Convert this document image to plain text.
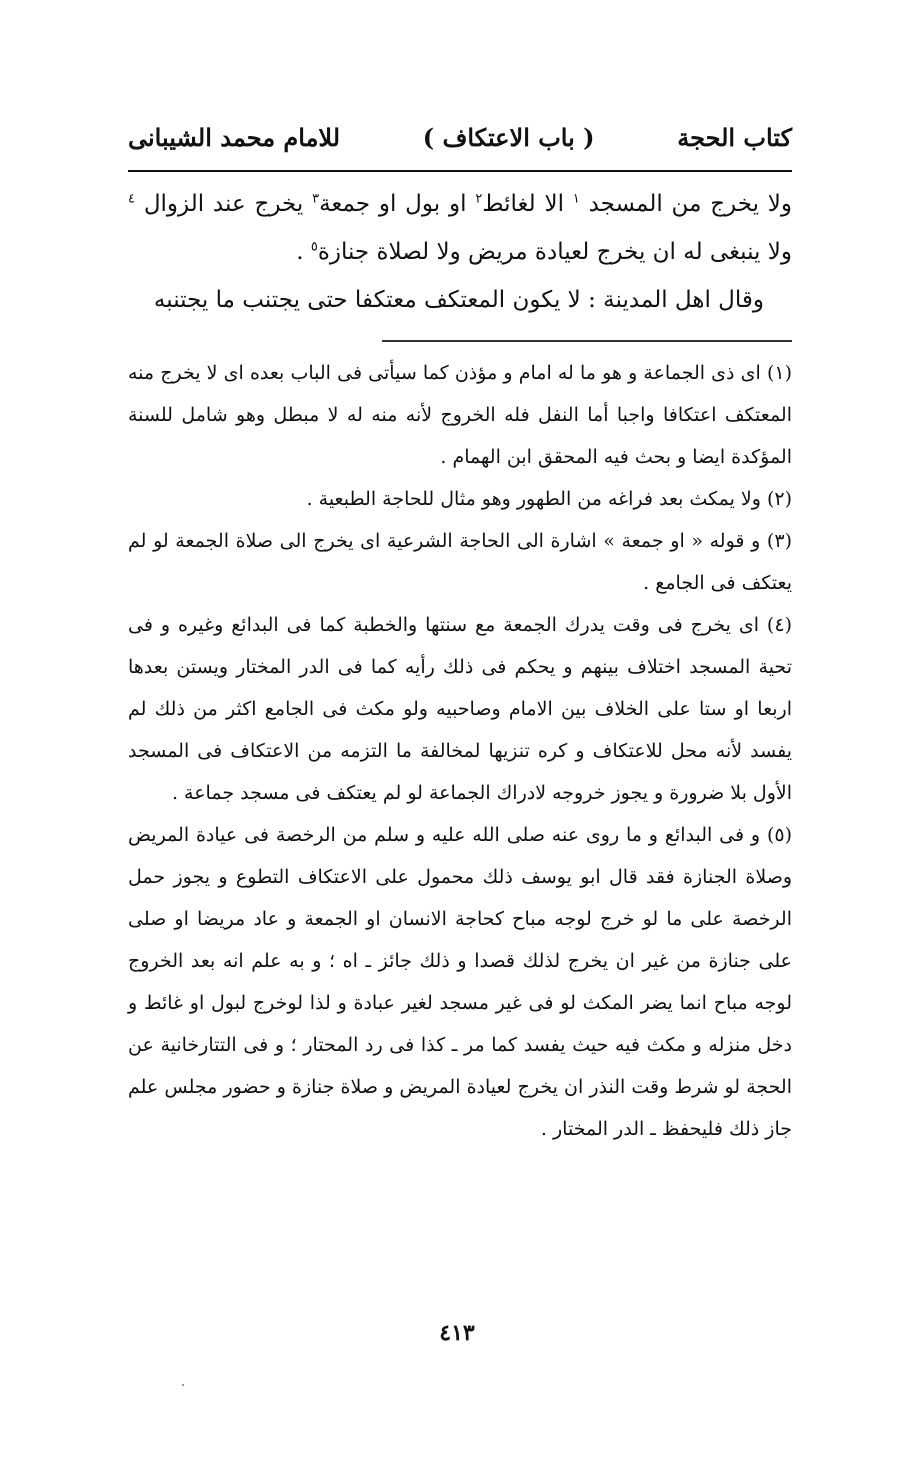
كتاب الحجة
( باب الاعتكاف )
للامام محمد الشيبانى

ولا يخرج من المسجد $^١$ الا لغائط$^٢$ او بول او جمعة$^٣$ يخرج عند الزوال $^٤$ ولا ينبغى له ان يخرج لعيادة مريض ولا لصلاة جنازة$^٥$ .

وقال اهل المدينة : لا يكون المعتكف معتكفا حتى يجتنب ما يجتنبه

(١) اى ذى الجماعة و هو ما له امام و مؤذن كما سيأتى فى الباب بعده اى لا يخرج منه المعتكف اعتكافا واجبا أما النفل فله الخروج لأنه منه له لا مبطل وهو شامل للسنة المؤكدة ايضا و بحث فيه المحقق ابن الهمام .

(٢) ولا يمكث بعد فراغه من الطهور وهو مثال للحاجة الطبعية .

(٣) و قوله « او جمعة » اشارة الى الحاجة الشرعية اى يخرج الى صلاة الجمعة لو لم يعتكف فى الجامع .

(٤) اى يخرج فى وقت يدرك الجمعة مع سنتها والخطبة كما فى البدائع وغيره و فى تحية المسجد اختلاف بينهم و يحكم فى ذلك رأيه كما فى الدر المختار ويستن بعدها اربعا او ستا على الخلاف بين الامام وصاحبيه ولو مكث فى الجامع اكثر من ذلك لم يفسد لأنه محل للاعتكاف و كره تنزيها لمخالفة ما التزمه من الاعتكاف فى المسجد الأول بلا ضرورة و يجوز خروجه لادراك الجماعة لو لم يعتكف فى مسجد جماعة .

(٥) و فى البدائع و ما روى عنه صلى الله عليه و سلم من الرخصة فى عيادة المريض وصلاة الجنازة فقد قال ابو يوسف ذلك محمول على الاعتكاف التطوع و يجوز حمل الرخصة على ما لو خرج لوجه مباح كحاجة الانسان او الجمعة و عاد مريضا او صلى على جنازة من غير ان يخرج لذلك قصدا و ذلك جائز ـ اه ؛ و به علم انه بعد الخروج لوجه مباح انما يضر المكث لو فى غير مسجد لغير عبادة و لذا لوخرج لبول او غائط و دخل منزله و مكث فيه حيث يفسد كما مر ـ كذا فى رد المحتار ؛ و فى التتارخانية عن الحجة لو شرط وقت النذر ان يخرج لعيادة المريض و صلاة جنازة و حضور مجلس علم جاز ذلك فليحفظ ـ الدر المختار .

٤١٣
